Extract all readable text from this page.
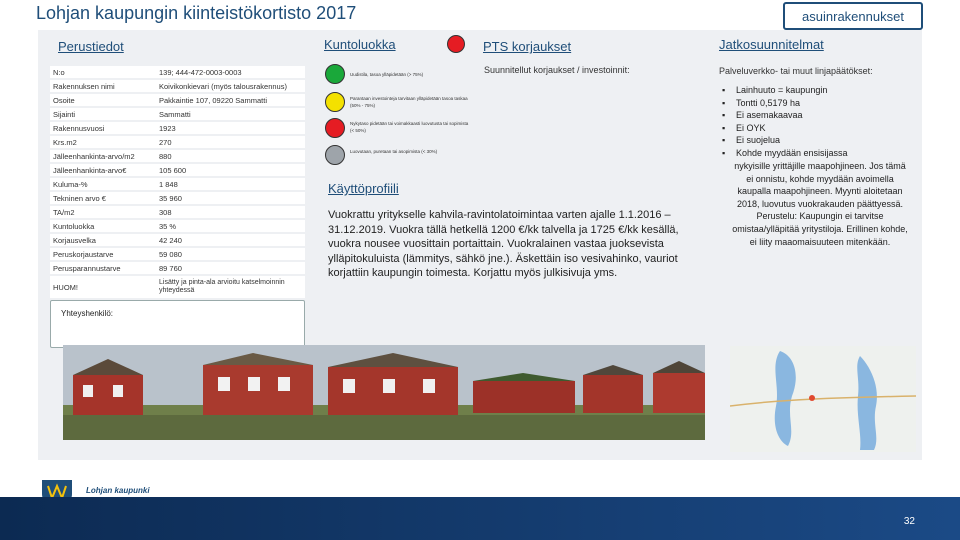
Lohjan kaupungin kiinteistökortisto 2017	asuinrakennukset
Perustiedot
N:o	139; 444-472-0003-0003
Rakennuksen nimi	Koivikonkievari (myös talousrakennus)
Osoite	Pakkaintie 107, 09220 Sammatti
Sijainti	Sammatti
Rakennusvuosi	1923
Krs.m2	270
Jälleenhankinta-arvo/m2	880
Jälleenhankinta-arvo€	105 600
Kuluma-%	1 848
Tekninen arvo €	35 960
TA/m2	308
Kuntoluokka	35 %
Korjausvelka	42 240
Peruskorjaustarve	59 080
Perusparannustarve	89 760
HUOM!	Lisätty ja pinta-ala arvioitu katselmoinnin yhteydessä
Yhteyshenkilö:
Kuntoluokka
Uudistila, tasoa ylläpidetään (> 75%)
Parantaan investointeja tarvitaan ylläpidetään tasoa taskaa (50% - 75%)
Nykytaso pidetään tai voimakkaasti luovutusta tai sopimista (< 50%)
Luovutaan, puretaan tai asopimista (< 30%)
PTS korjaukset
Suunnitellut korjaukset / investoinnit:
Käyttöprofiili
Vuokrattu yritykselle kahvila-ravintolatoimintaa varten ajalle 1.1.2016 –31.12.2019. Vuokra tällä hetkellä 1200 €/kk talvella ja 1725 €/kk kesällä, vuokra nousee vuosittain portaittain. Vuokralainen vastaa juoksevista ylläpitokuluista (lämmitys, sähkö jne.). Äskettäin iso vesivahinko, vauriot korjattiin kaupungin toimesta. Korjattu myös julkisivuja yms.
Jatkosuunnitelmat
Palveluverkko- tai muut linjapäätökset:
▪ Lainhuuto = kaupungin
▪ Tontti 0,5179 ha
▪ Ei asemakaavaa
▪ Ei OYK
▪ Ei suojelua
▪ Kohde myydään ensisijassa
nykyisille yrittäjille maapohjineen. Jos tämä ei onnistu, kohde myydään avoimella kaupalla maapohjineen. Myynti aloitetaan 2018, luovutus vuokrakauden päättyessä. Perustelu: Kaupungin ei tarvitse omistaa/ylläpitää yritystiloja. Erillinen kohde, ei liity maaomaisuuteen mitenkään.
Lohjan kaupunki
32
